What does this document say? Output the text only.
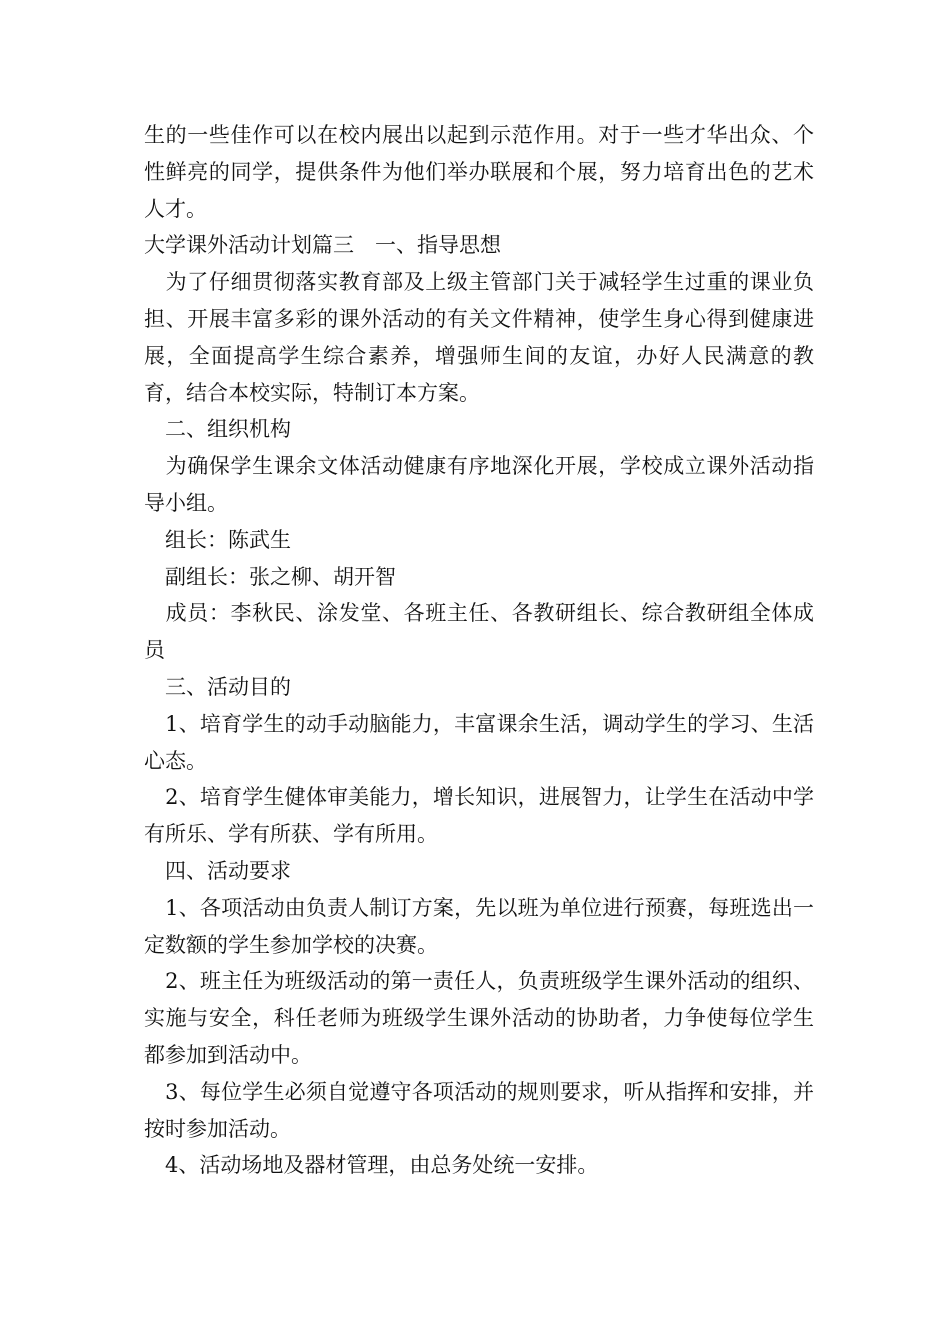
生的一些佳作可以在校内展出以起到示范作用。对于一些才华出众、个性鲜亮的同学，提供条件为他们举办联展和个展，努力培育出色的艺术人才。

大学课外活动计划篇三　一、指导思想

　为了仔细贯彻落实教育部及上级主管部门关于减轻学生过重的课业负担、开展丰富多彩的课外活动的有关文件精神，使学生身心得到健康进展，全面提高学生综合素养，增强师生间的友谊，办好人民满意的教育，结合本校实际，特制订本方案。

　二、组织机构

　为确保学生课余文体活动健康有序地深化开展，学校成立课外活动指导小组。

　组长：陈武生

　副组长：张之柳、胡开智

　成员：李秋民、涂发堂、各班主任、各教研组长、综合教研组全体成员

　三、活动目的

　1、培育学生的动手动脑能力，丰富课余生活，调动学生的学习、生活心态。

　2、培育学生健体审美能力，增长知识，进展智力，让学生在活动中学有所乐、学有所获、学有所用。

　四、活动要求

　1、各项活动由负责人制订方案，先以班为单位进行预赛，每班选出一定数额的学生参加学校的决赛。

　2、班主任为班级活动的第一责任人，负责班级学生课外活动的组织、实施与安全，科任老师为班级学生课外活动的协助者，力争使每位学生都参加到活动中。

　3、每位学生必须自觉遵守各项活动的规则要求，听从指挥和安排，并按时参加活动。

　4、活动场地及器材管理，由总务处统一安排。
